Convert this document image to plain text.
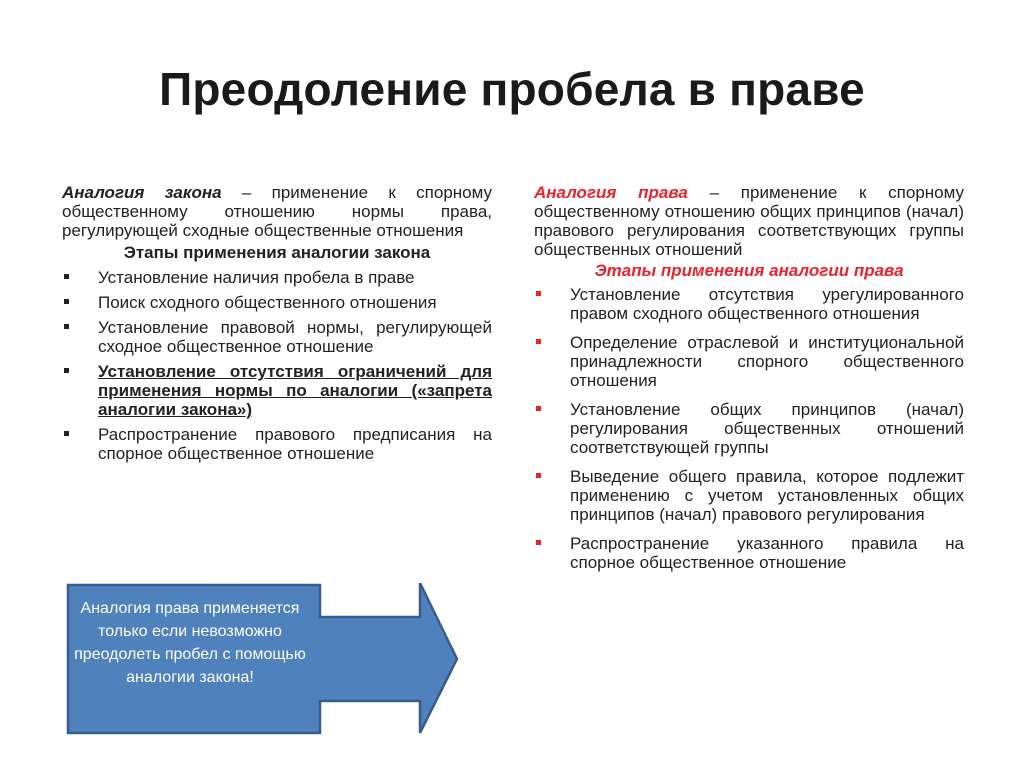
Преодоление пробела в праве

Аналогия закона – применение к спорному общественному отношению нормы права, регулирующей сходные общественные отношения

Этапы применения аналогии закона
Установление наличия пробела в праве
Поиск сходного общественного отношения
Установление правовой нормы, регулирующей сходное общественное отношение
Установление отсутствия ограничений для применения нормы по аналогии («запрета аналогии закона»)
Распространение правового предписания на спорное общественное отношение

Аналогия права – применение к спорному общественному отношению общих принципов (начал) правового регулирования соответствующих группы общественных отношений

Этапы применения аналогии права
Установление отсутствия урегулированного правом сходного общественного отношения
Определение отраслевой и институциональной принадлежности спорного общественного отношения
Установление общих принципов (начал) регулирования общественных отношений соответствующей группы
Выведение общего правила, которое подлежит применению с учетом установленных общих принципов (начал) правового регулирования
Распространение указанного правила на спорное общественное отношение
Аналогия права применяется только если невозможно преодолеть пробел с помощью аналогии закона!
